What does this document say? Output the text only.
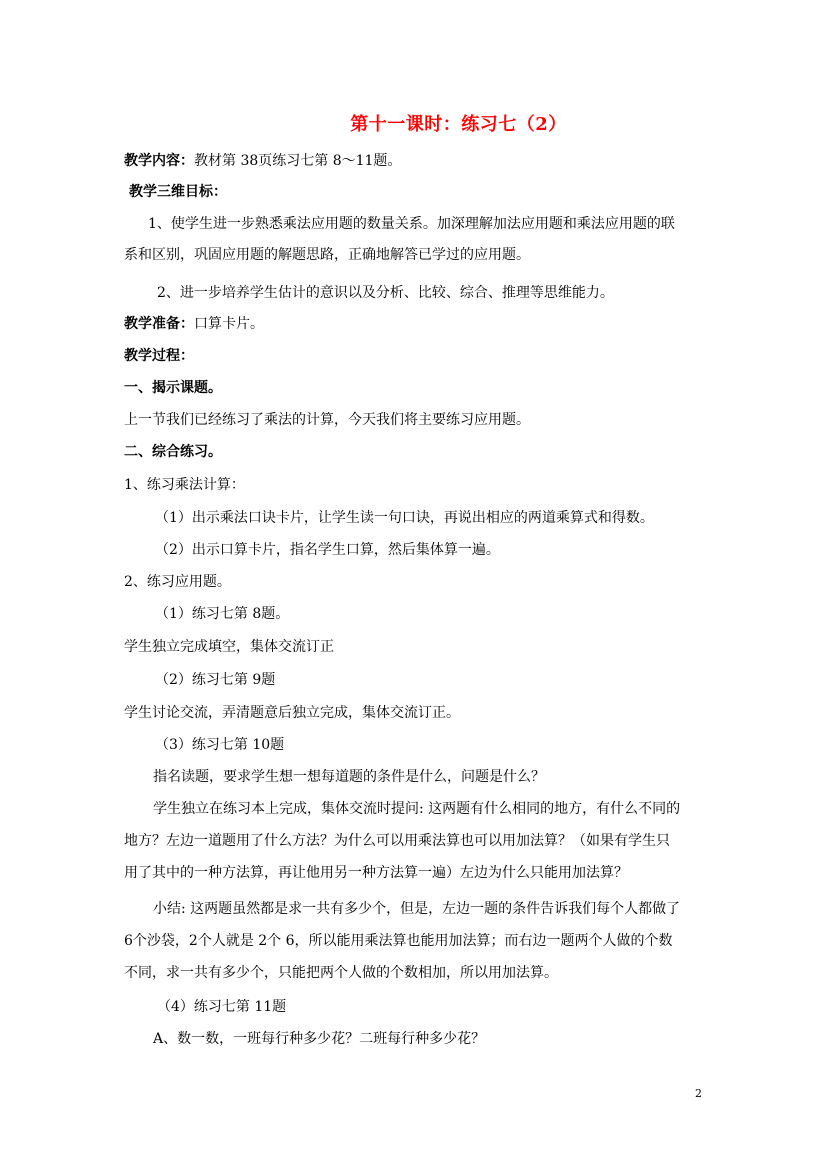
第十一课时：练习七（2）
教学内容：教材第 38页练习七第 8～11题。
教学三维目标：
1、使学生进一步熟悉乘法应用题的数量关系。加深理解加法应用题和乘法应用题的联
系和区别，巩固应用题的解题思路，正确地解答已学过的应用题。
2、进一步培养学生估计的意识以及分析、比较、综合、推理等思维能力。
教学准备：口算卡片。
教学过程：
一、揭示课题。
上一节我们已经练习了乘法的计算，今天我们将主要练习应用题。
二、综合练习。
1、练习乘法计算：
（1）出示乘法口诀卡片，让学生读一句口诀，再说出相应的两道乘算式和得数。
（2）出示口算卡片，指名学生口算，然后集体算一遍。
2、练习应用题。
（1）练习七第 8题。
学生独立完成填空，集体交流订正
（2）练习七第 9题
学生讨论交流，弄清题意后独立完成，集体交流订正。
（3）练习七第 10题
指名读题，要求学生想一想每道题的条件是什么，问题是什么？
学生独立在练习本上完成，集体交流时提问: 这两题有什么相同的地方，有什么不同的
地方？左边一道题用了什么方法？为什么可以用乘法算也可以用加法算？（如果有学生只
用了其中的一种方法算，再让他用另一种方法算一遍）左边为什么只能用加法算？
小结: 这两题虽然都是求一共有多少个，但是，左边一题的条件告诉我们每个人都做了
6个沙袋，2个人就是 2个 6，所以能用乘法算也能用加法算；而右边一题两个人做的个数
不同，求一共有多少个，只能把两个人做的个数相加，所以用加法算。
（4）练习七第 11题
A、数一数，一班每行种多少花？二班每行种多少花？
2
